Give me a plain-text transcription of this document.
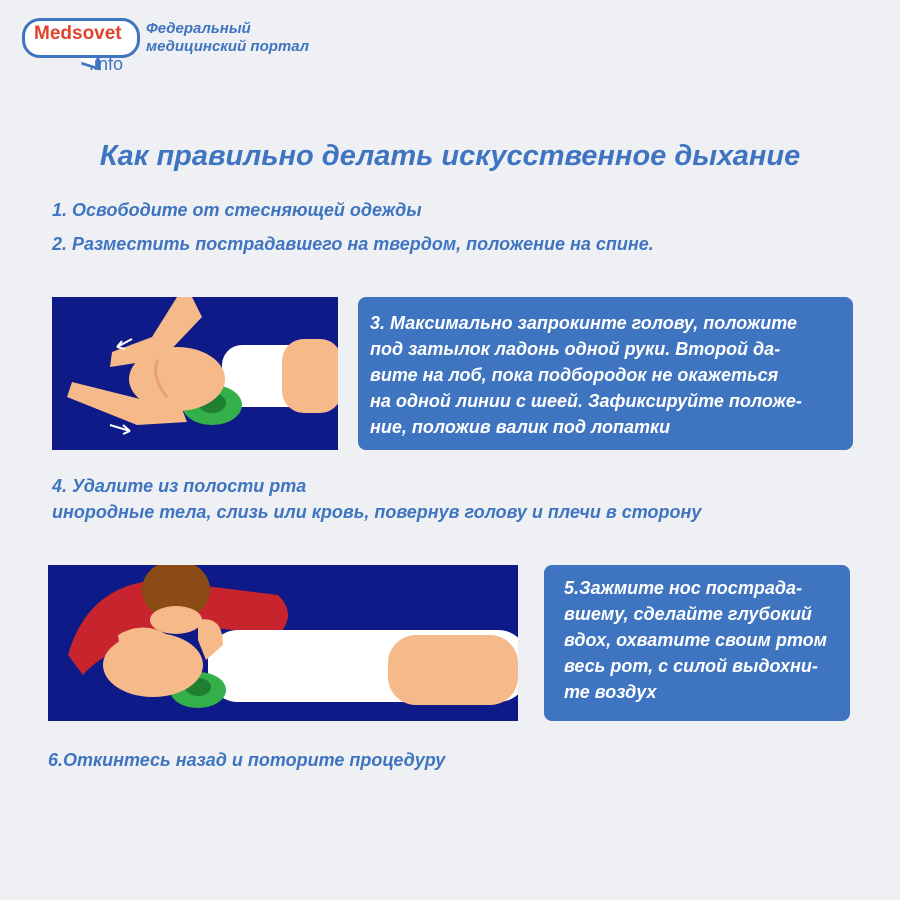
Medsovet
.info
Федеральный
медицинский портал
Как правильно делать искусственное дыхание
1. Освободите от стесняющей одежды
2. Разместить пострадавшего на твердом, положение на спине.
3. Максимально запрокинте голову, положите
под затылок ладонь одной руки. Второй да-
вите на лоб, пока подбородок не окажеться
на одной линии с шеей. Зафиксируйте положе-
ние, положив валик под лопатки
4. Удалите из полости рта
инородные тела, слизь или кровь, повернув голову и плечи в сторону
5.Зажмите нос пострада-
вшему, сделайте глубокий
вдох, охватите своим ртом
весь рот, с силой выдохни-
те воздух
6.Откинтесь назад и поторите процедуру
